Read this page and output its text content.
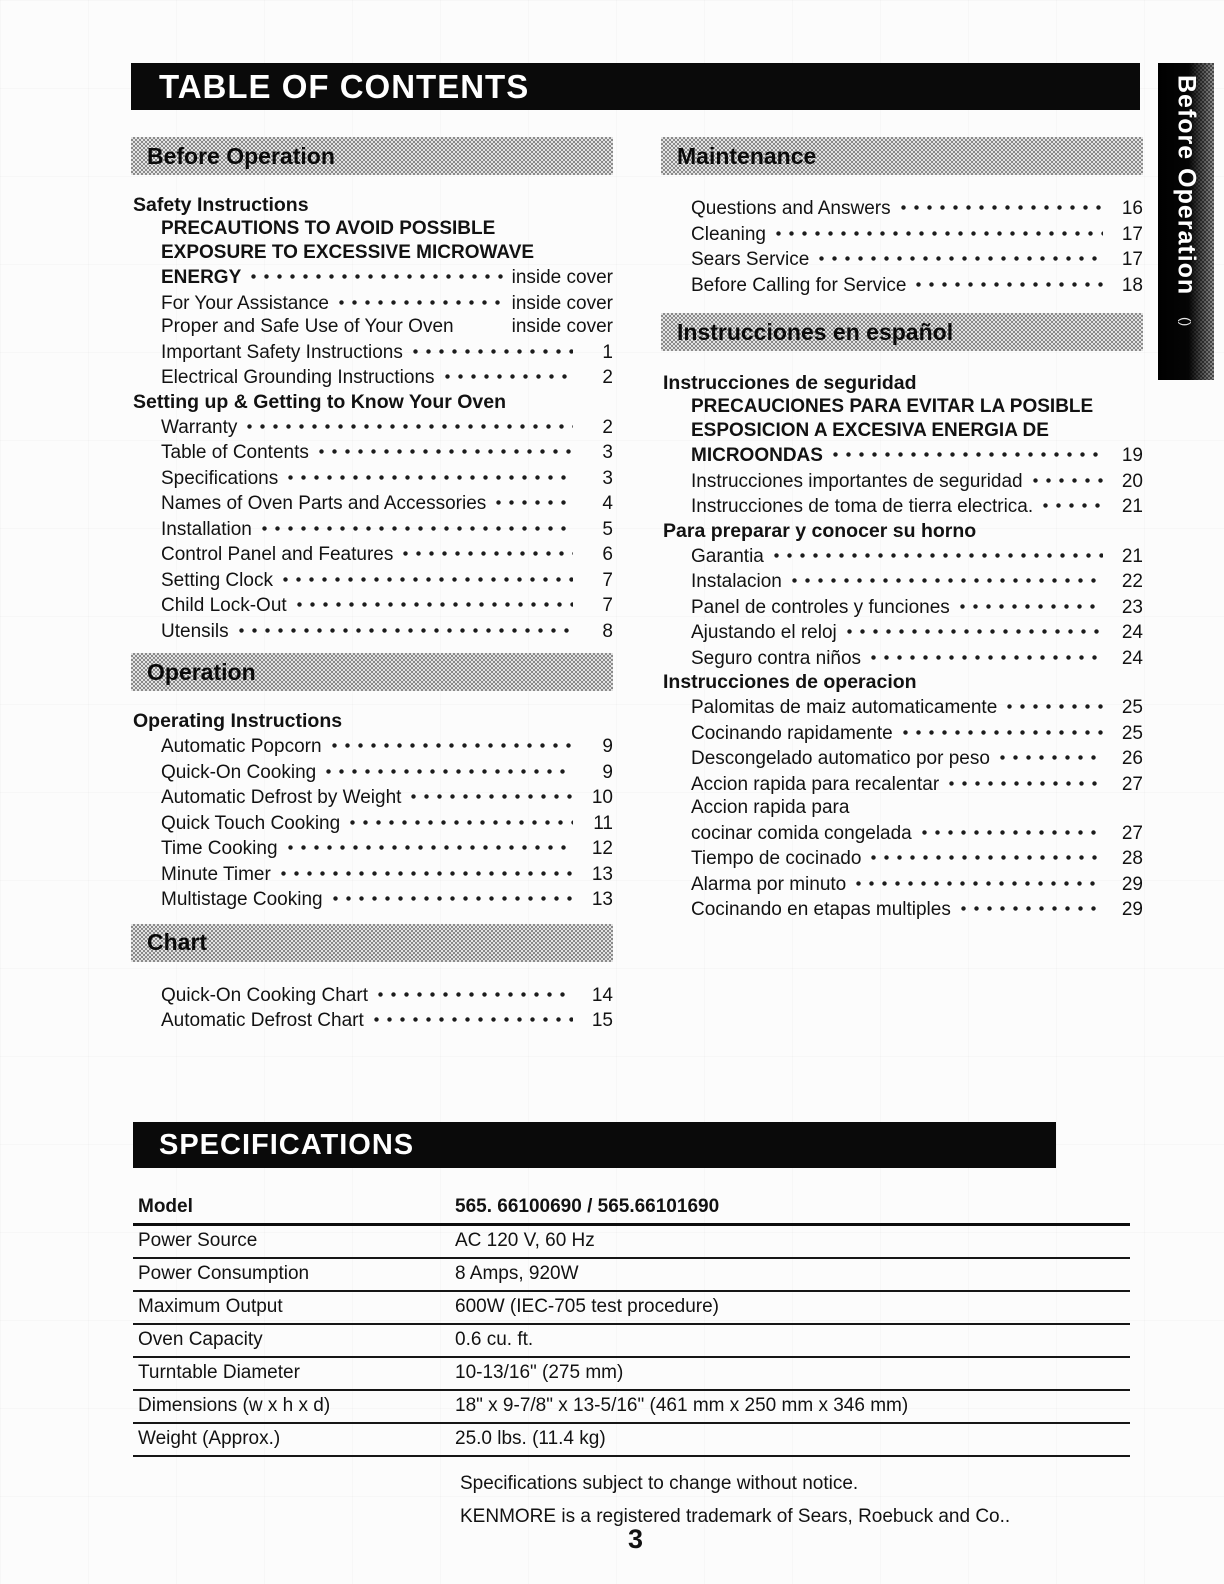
TABLE OF CONTENTS	Before Operation
()
Before Operation
Safety Instructions
PRECAUTIONS TO AVOID POSSIBLE
EXPOSURE TO EXCESSIVE MICROWAVE
ENERGY	inside cover
For Your Assistance	inside cover
Proper and Safe Use of Your Oven	inside cover
Important Safety Instructions	1
Electrical Grounding Instructions	2
Setting up & Getting to Know Your Oven
Warranty	2
Table of Contents	3
Specifications	3
Names of Oven Parts and Accessories	4
Installation	5
Control Panel and Features	6
Setting Clock	7
Child Lock-Out	7
Utensils	8
Operation
Operating Instructions
Automatic Popcorn	9
Quick-On Cooking	9
Automatic Defrost by Weight	10
Quick Touch Cooking	11
Time Cooking	12
Minute Timer	13
Multistage Cooking	13
Chart
Quick-On Cooking Chart	14
Automatic Defrost Chart	15
Maintenance
Questions and Answers	16
Cleaning	17
Sears Service	17
Before Calling for Service	18
Instrucciones en español
Instrucciones de seguridad
PRECAUCIONES PARA EVITAR LA POSIBLE
ESPOSICION A EXCESIVA ENERGIA DE
MICROONDAS	19
Instrucciones importantes de seguridad	20
Instrucciones de toma de tierra electrica.	21
Para preparar y conocer su horno
Garantia	21
Instalacion	22
Panel de controles y funciones	23
Ajustando el reloj	24
Seguro contra niños	24
Instrucciones de operacion
Palomitas de maiz automaticamente	25
Cocinando rapidamente	25
Descongelado automatico por peso	26
Accion rapida para recalentar	27
Accion rapida para
cocinar comida congelada	27
Tiempo de cocinado	28
Alarma por minuto	29
Cocinando en etapas multiples	29
SPECIFICATIONS
Model	565. 66100690 / 565.66101690
Power Source	AC 120 V, 60 Hz
Power Consumption	8 Amps, 920W
Maximum Output	600W (IEC-705 test procedure)
Oven Capacity	0.6 cu. ft.
Turntable Diameter	10-13/16" (275 mm)
Dimensions (w x h x d)	18" x 9-7/8" x 13-5/16" (461 mm x 250 mm x 346 mm)
Weight (Approx.)	25.0 lbs. (11.4 kg)
Specifications subject to change without notice.
KENMORE is a registered trademark of Sears, Roebuck and Co..
3
